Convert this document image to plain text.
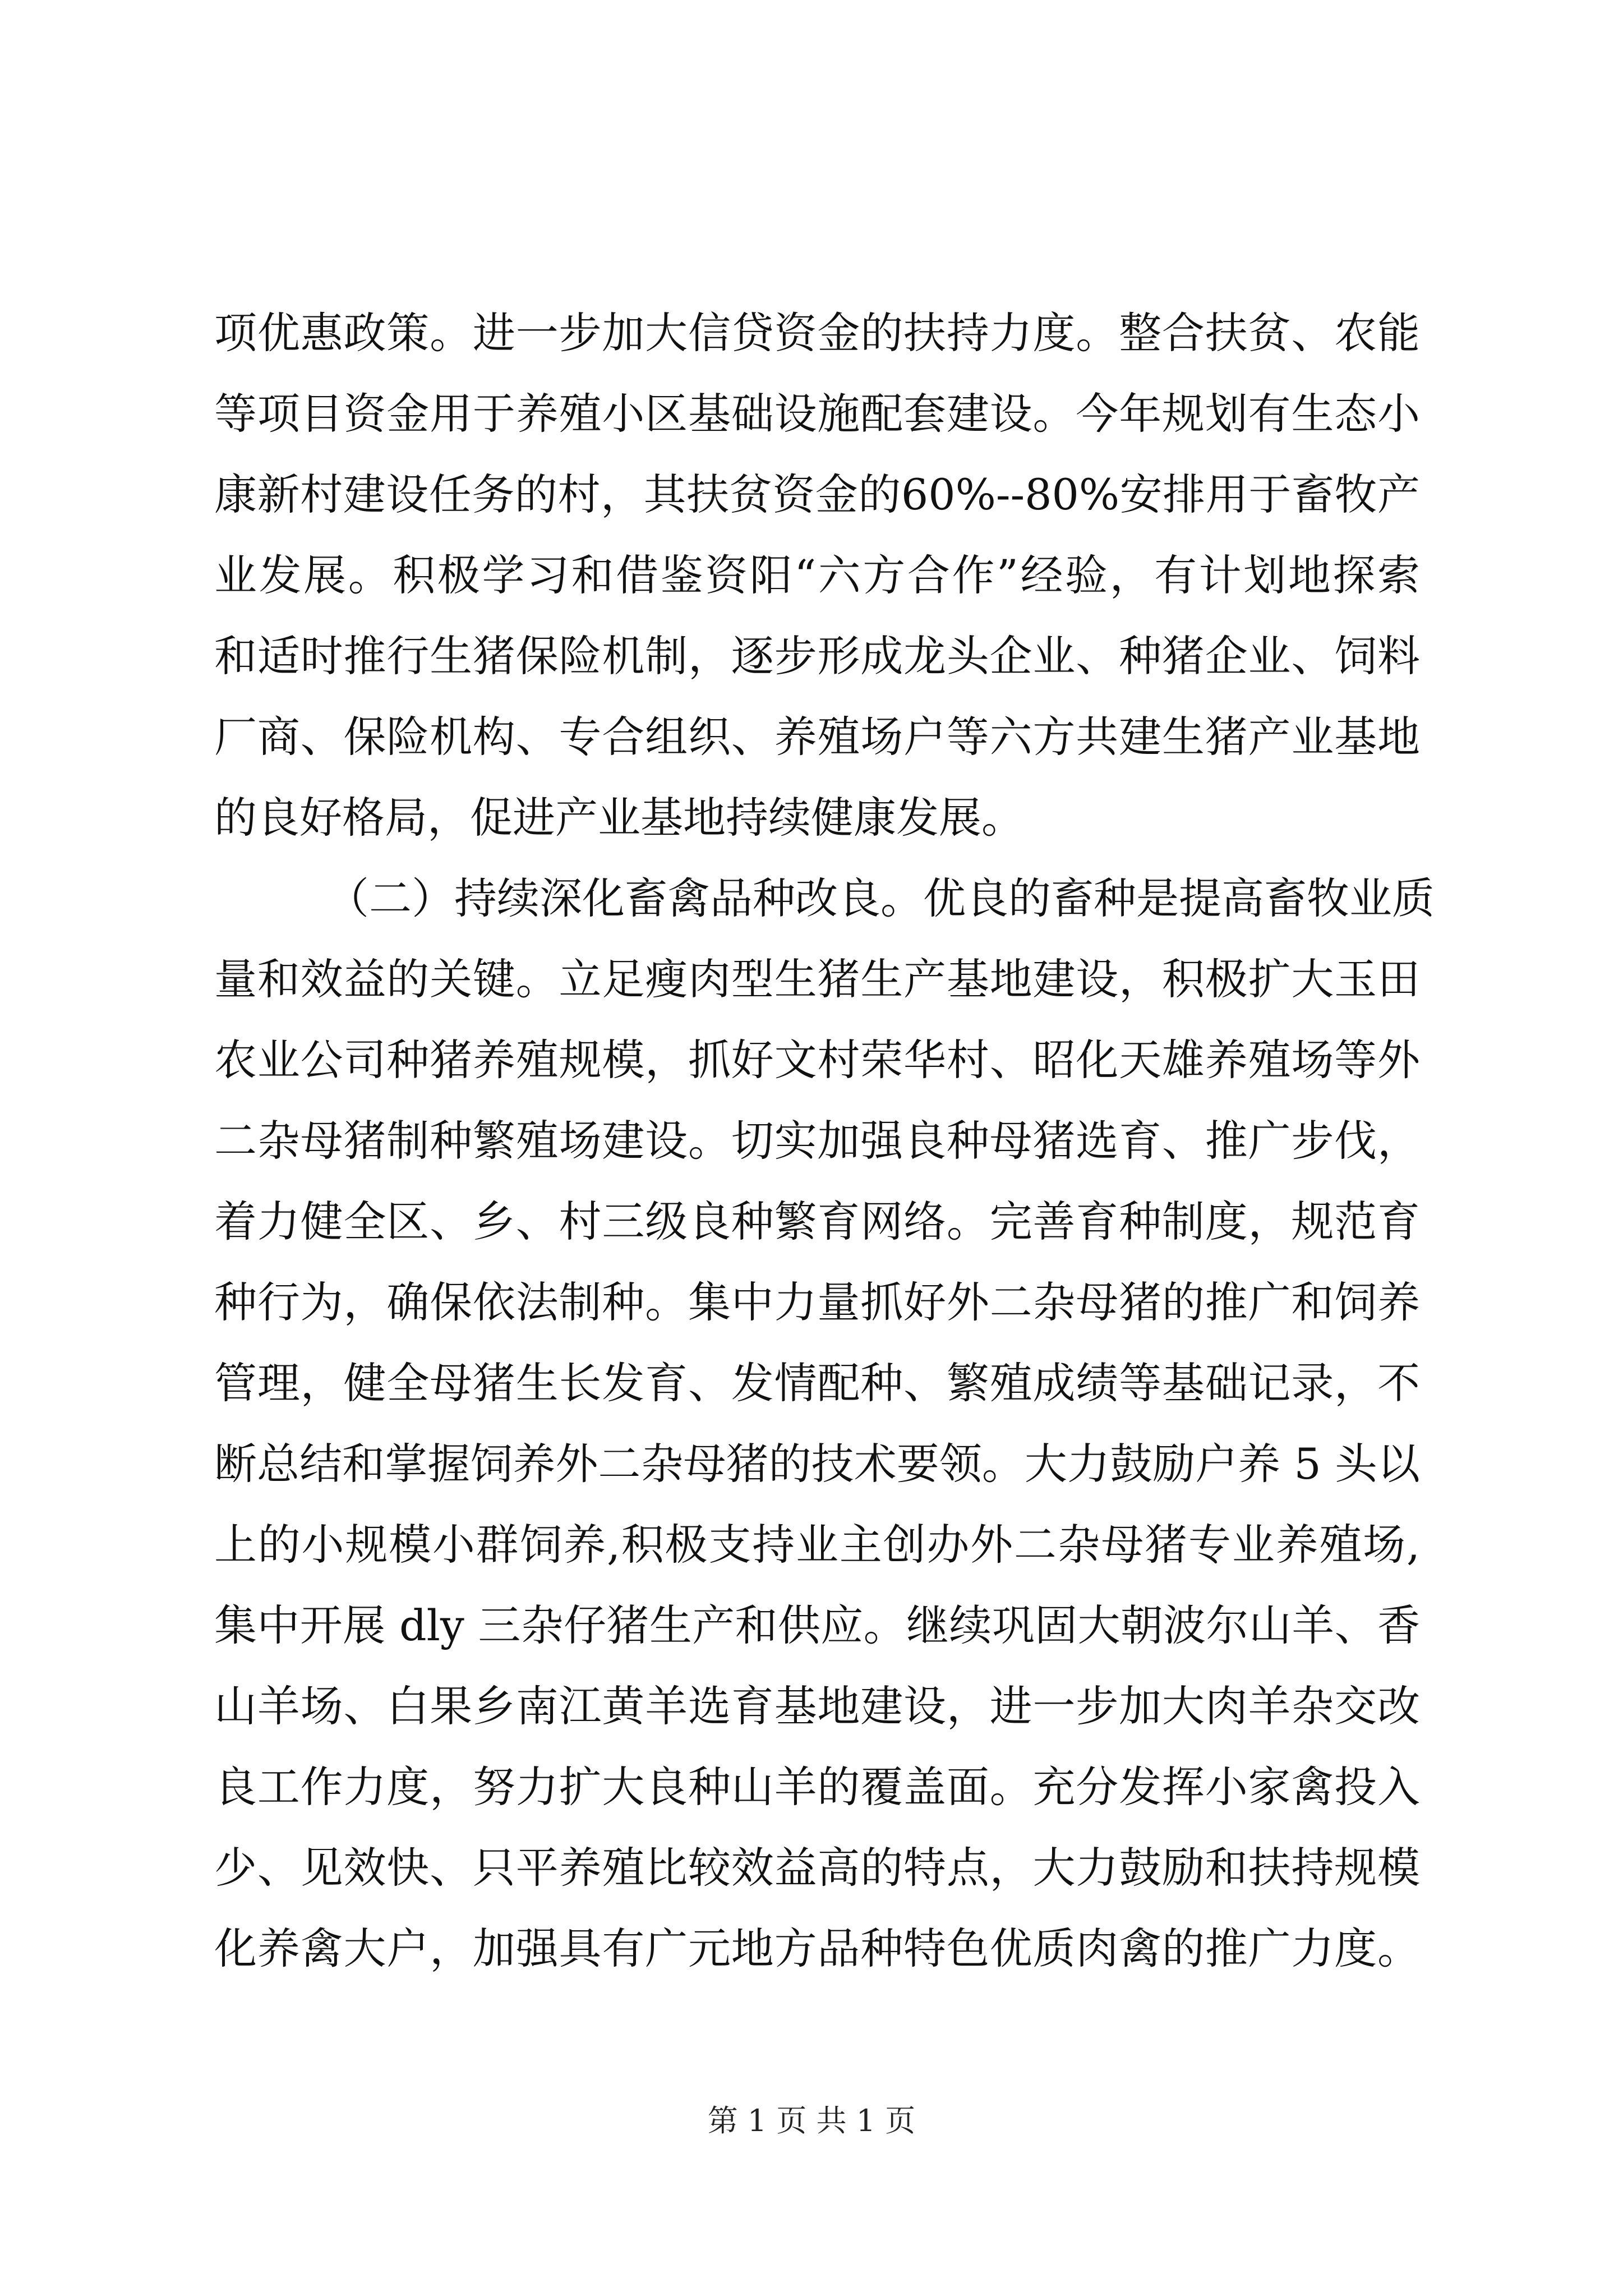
项优惠政策。进一步加大信贷资金的扶持力度。整合扶贫、农能
等项目资金用于养殖小区基础设施配套建设。今年规划有生态小
康新村建设任务的村，其扶贫资金的60%--80%安排用于畜牧产
业发展。积极学习和借鉴资阳“六方合作”经验，有计划地探索
和适时推行生猪保险机制，逐步形成龙头企业、种猪企业、饲料
厂商、保险机构、专合组织、养殖场户等六方共建生猪产业基地
的良好格局，促进产业基地持续健康发展。
（二）持续深化畜禽品种改良。优良的畜种是提高畜牧业质
量和效益的关键。立足瘦肉型生猪生产基地建设，积极扩大玉田
农业公司种猪养殖规模，抓好文村荣华村、昭化天雄养殖场等外
二杂母猪制种繁殖场建设。切实加强良种母猪选育、推广步伐，
着力健全区、乡、村三级良种繁育网络。完善育种制度，规范育
种行为，确保依法制种。集中力量抓好外二杂母猪的推广和饲养
管理，健全母猪生长发育、发情配种、繁殖成绩等基础记录，不
断总结和掌握饲养外二杂母猪的技术要领。大力鼓励户养 5 头以
上的小规模小群饲养,积极支持业主创办外二杂母猪专业养殖场,
集中开展 dly 三杂仔猪生产和供应。继续巩固大朝波尔山羊、香
山羊场、白果乡南江黄羊选育基地建设，进一步加大肉羊杂交改
良工作力度，努力扩大良种山羊的覆盖面。充分发挥小家禽投入
少、见效快、只平养殖比较效益高的特点，大力鼓励和扶持规模
化养禽大户，加强具有广元地方品种特色优质肉禽的推广力度。
第 1 页 共 1 页
